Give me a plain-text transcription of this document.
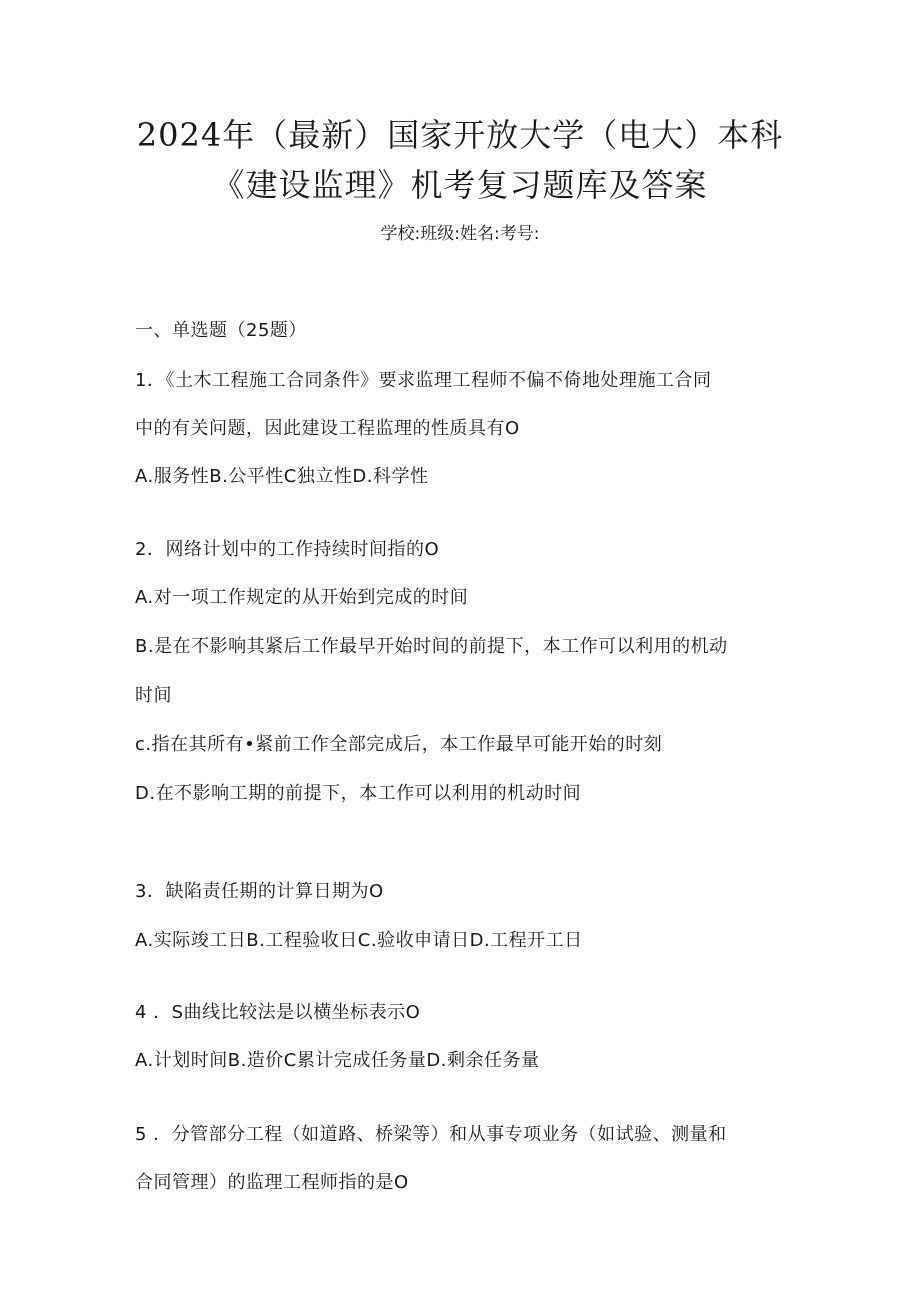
2024年（最新）国家开放大学（电大）本科
《建设监理》机考复习题库及答案
学校:班级:姓名:考号:
一、单选题（25题）
1．《土木工程施工合同条件》要求监理工程师不偏不倚地处理施工合同
中的有关问题，因此建设工程监理的性质具有O
A.服务性B.公平性C独立性D.科学性
2．网络计划中的工作持续时间指的O
A.对一项工作规定的从开始到完成的时间
B.是在不影响其紧后工作最早开始时间的前提下，本工作可以利用的机动
时间
c.指在其所有•紧前工作全部完成后，本工作最早可能开始的时刻
D.在不影响工期的前提下，本工作可以利用的机动时间
3．缺陷责任期的计算日期为O
A.实际竣工日B.工程验收日C.验收申请日D.工程开工日
4 ．S曲线比较法是以横坐标表示O
A.计划时间B.造价C累计完成任务量D.剩余任务量
5 ．分管部分工程（如道路、桥梁等）和从事专项业务（如试验、测量和
合同管理）的监理工程师指的是O
